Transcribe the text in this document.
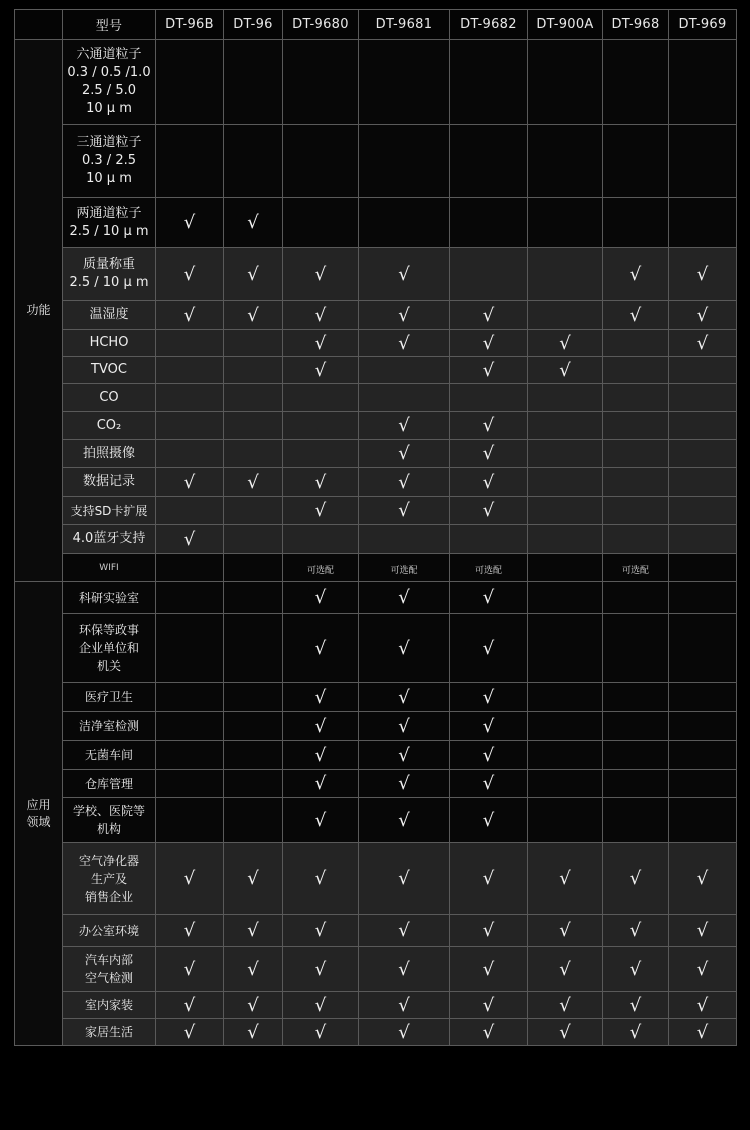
	型号	DT-96B	DT-96	DT-9680	DT-9681	DT-9682	DT-900A	DT-968	DT-969
功能	六通道粒子
0.3 / 0.5 /1.0
2.5 / 5.0
10 μ m								

	三通道粒子
0.3 / 2.5
10 μ m								

	两通道粒子
2.5 / 10 μ m	√	√						

	质量称重
2.5 / 10 μ m	√	√	√	√			√	√

	温湿度	√	√	√	√	√		√	√

	HCHO			√	√	√	√		√

	TVOC			√		√	√		

	CO								

	CO₂				√	√			

	拍照摄像				√	√			

	数据记录	√	√	√	√	√			

	支持SD卡扩展			√	√	√			

	4.0蓝牙支持	√							

	WIFI			可选配	可选配	可选配		可选配	

应用
领域	科研实验室			√	√	√			

	环保等政事
企业单位和
机关			√	√	√			

	医疗卫生			√	√	√			

	洁净室检测			√	√	√			

	无菌车间			√	√	√			

	仓库管理			√	√	√			

	学校、医院等
机构			√	√	√			

	空气净化器
生产及
销售企业	√	√	√	√	√	√	√	√

	办公室环境	√	√	√	√	√	√	√	√

	汽车内部
空气检测	√	√	√	√	√	√	√	√

	室内家装	√	√	√	√	√	√	√	√

	家居生活	√	√	√	√	√	√	√	√
